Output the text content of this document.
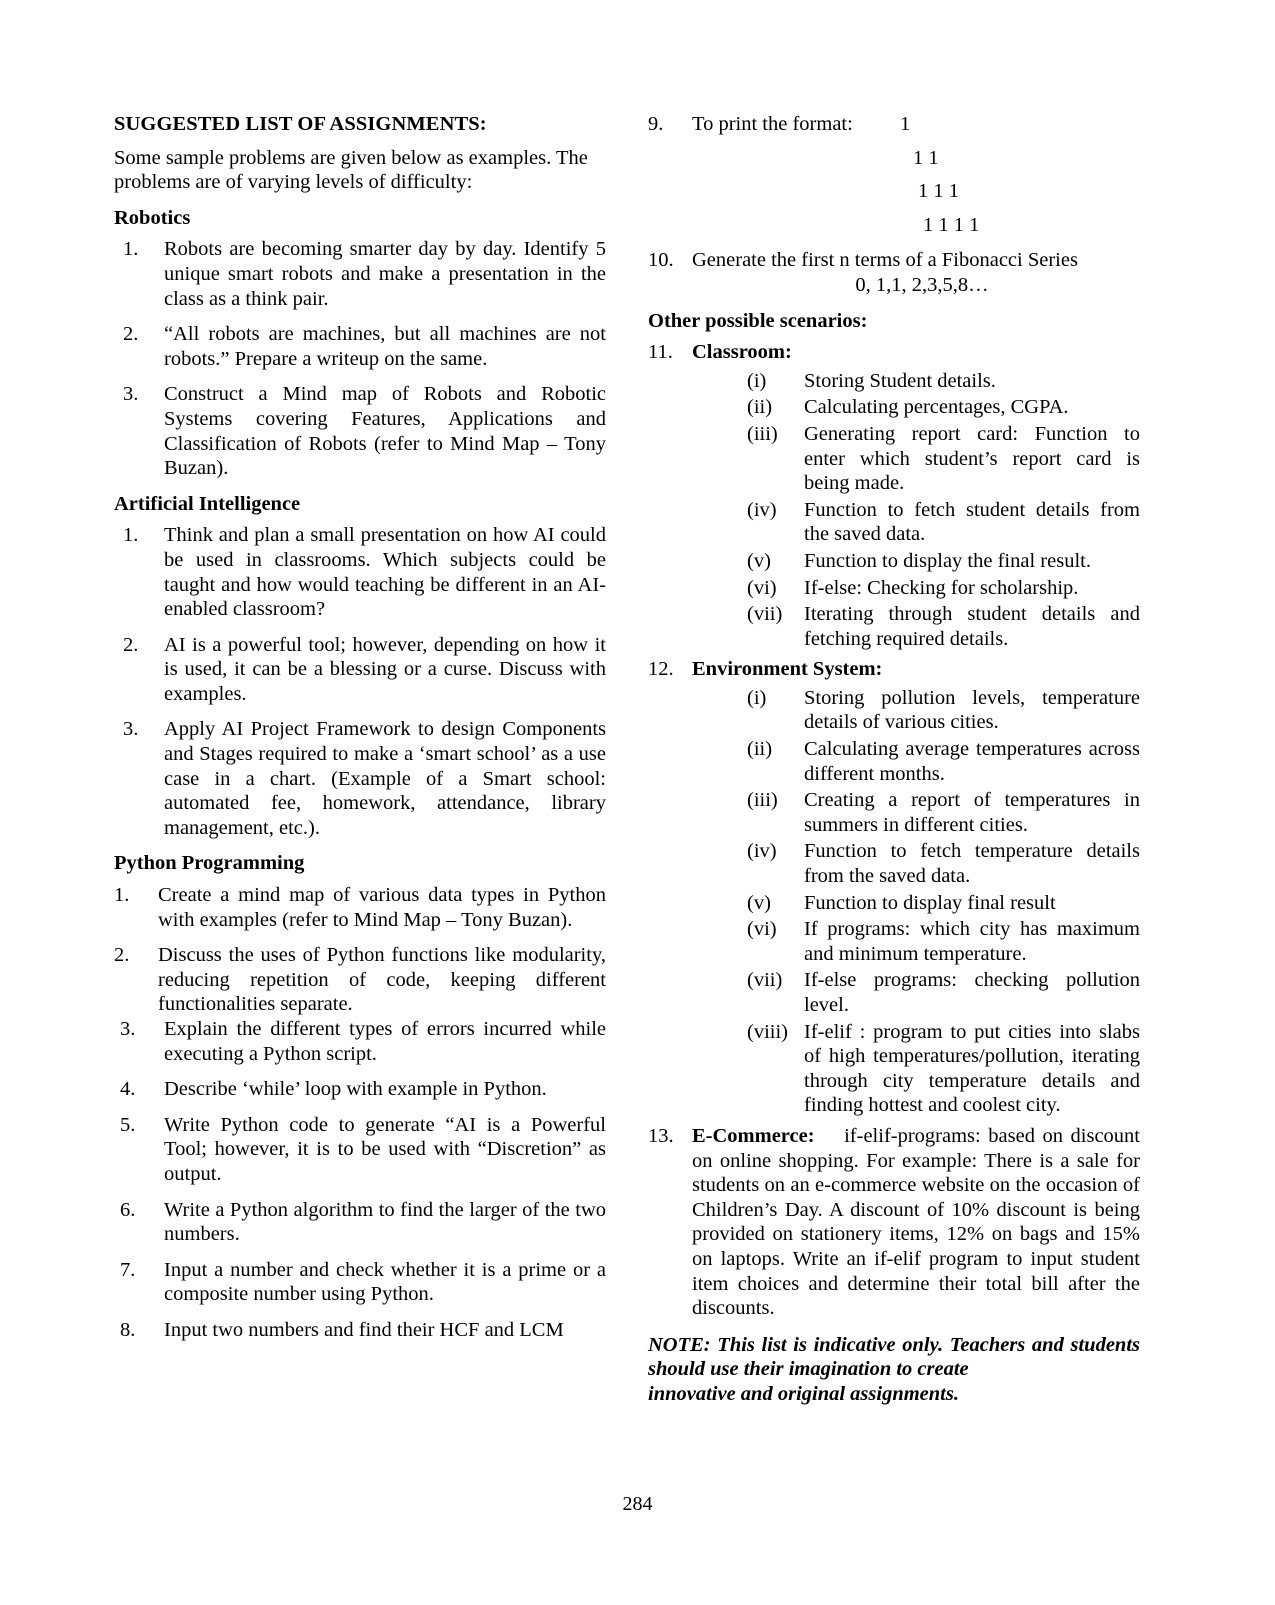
SUGGESTED LIST OF ASSIGNMENTS:

Some sample problems are given below as examples. The problems are of varying levels of difficulty:

Robotics
1.	Robots are becoming smarter day by day. Identify 5 unique smart robots and make a presentation in the class as a think pair.
2.	“All robots are machines, but all machines are not robots.” Prepare a writeup on the same.
3.	Construct a Mind map of Robots and Robotic Systems covering Features, Applications and Classification of Robots (refer to Mind Map – Tony Buzan).
Artificial Intelligence
1.	Think and plan a small presentation on how AI could be used in classrooms. Which subjects could be taught and how would teaching be different in an AI-enabled classroom?
2.	AI is a powerful tool; however, depending on how it is used, it can be a blessing or a curse. Discuss with examples.
3.	Apply AI Project Framework to design Components and Stages required to make a ‘smart school’ as a use case in a chart. (Example of a Smart school: automated fee, homework, attendance, library management, etc.).
Python Programming
1.	Create a mind map of various data types in Python with examples (refer to Mind Map – Tony Buzan).
2.	Discuss the uses of Python functions like modularity, reducing repetition of code, keeping different functionalities separate.
3.	Explain the different types of errors incurred while executing a Python script.
4.	Describe ‘while’ loop with example in Python.
5.	Write Python code to generate “AI is a Powerful Tool; however, it is to be used with “Discretion” as output.
6.	Write a Python algorithm to find the larger of the two numbers.
7.	Input a number and check whether it is a prime or a composite number using Python.
8.	Input two numbers and find their HCF and LCM
9.	To print the format: 1
1 1
1 1 1
1 1 1 1
10. Generate the first n terms of a Fibonacci Series
0, 1,1, 2,3,5,8…
Other possible scenarios:
11. Classroom:
(i)	Storing Student details.
(ii)	Calculating percentages, CGPA.
(iii)	Generating report card: Function to enter which student’s report card is being made.
(iv)	Function to fetch student details from the saved data.
(v)	Function to display the final result.
(vi)	If-else: Checking for scholarship.
(vii)	Iterating through student details and fetching required details.
12. Environment System:
(i)	Storing pollution levels, temperature details of various cities.
(ii)	Calculating average temperatures across different months.
(iii)	Creating a report of temperatures in summers in different cities.
(iv)	Function to fetch temperature details from the saved data.
(v)	Function to display final result
(vi)	If programs: which city has maximum and minimum temperature.
(vii)	If-else programs: checking pollution level.
(viii) If-elif : program to put cities into slabs of high temperatures/pollution, iterating through city temperature details and finding hottest and coolest city.
13. E-Commerce: if-elif-programs: based on discount on online shopping. For example: There is a sale for students on an e-commerce website on the occasion of Children’s Day. A discount of 10% discount is being provided on stationery items, 12% on bags and 15% on laptops. Write an if-elif program to input student item choices and determine their total bill after the discounts.
NOTE: This list is indicative only. Teachers and students should use their imagination to create
innovative and original assignments.
284
